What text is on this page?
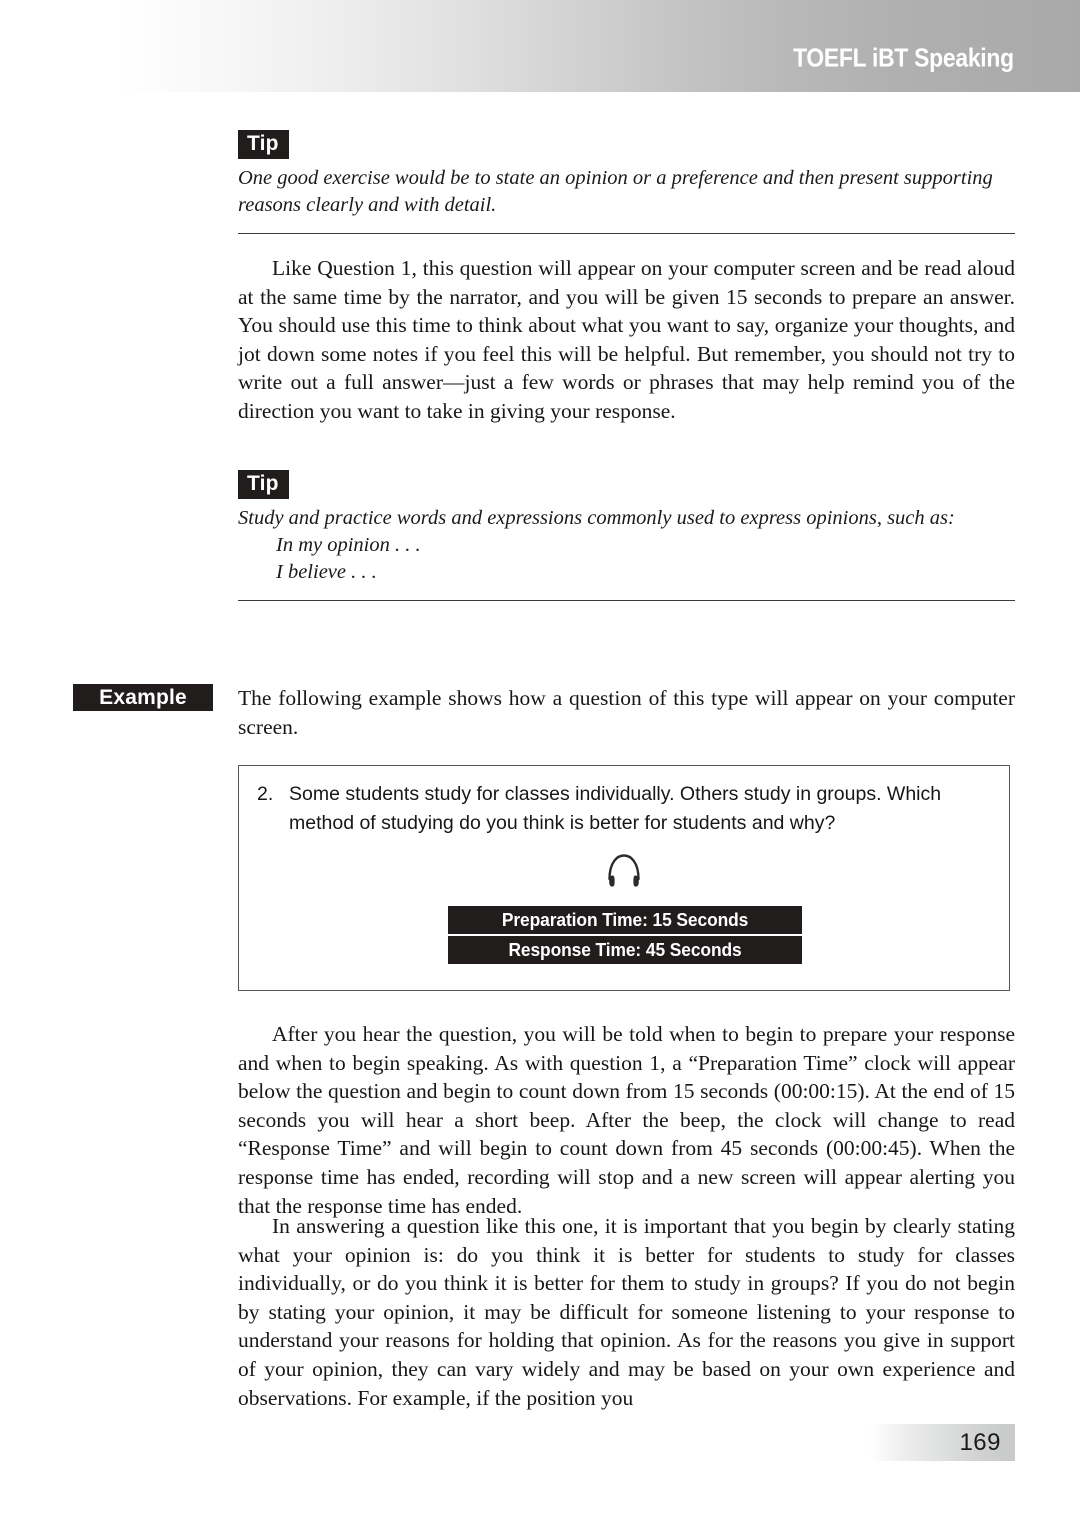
TOEFL iBT Speaking
Tip
One good exercise would be to state an opinion or a preference and then present supporting reasons clearly and with detail.

Like Question 1, this question will appear on your computer screen and be read aloud at the same time by the narrator, and you will be given 15 seconds to prepare an answer. You should use this time to think about what you want to say, organize your thoughts, and jot down some notes if you feel this will be helpful. But remember, you should not try to write out a full answer—just a few words or phrases that may help remind you of the direction you want to take in giving your response.

Tip
Study and practice words and expressions commonly used to express opinions, such as:
In my opinion . . .
I believe . . .
Example	The following example shows how a question of this type will appear on your computer screen.

2. Some students study for classes individually. Others study in groups. Which method of studying do you think is better for students and why?
Preparation Time: 15 Seconds
Response Time: 45 Seconds

After you hear the question, you will be told when to begin to prepare your response and when to begin speaking. As with question 1, a “Preparation Time” clock will appear below the question and begin to count down from 15 seconds (00:00:15). At the end of 15 seconds you will hear a short beep. After the beep, the clock will change to read “Response Time” and will begin to count down from 45 seconds (00:00:45). When the response time has ended, recording will stop and a new screen will appear alerting you that the response time has ended.

In answering a question like this one, it is important that you begin by clearly stating what your opinion is: do you think it is better for students to study for classes individually, or do you think it is better for them to study in groups? If you do not begin by stating your opinion, it may be difficult for someone listening to your response to understand your reasons for holding that opinion. As for the reasons you give in support of your opinion, they can vary widely and may be based on your own experience and observations. For example, if the position you

169
